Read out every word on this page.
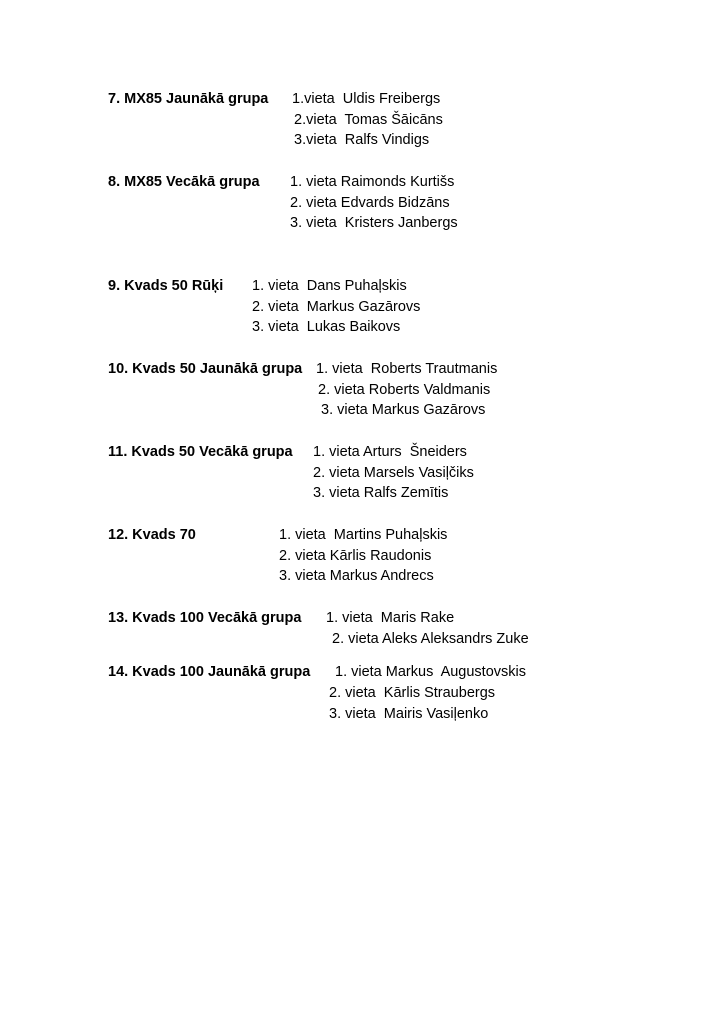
7. MX85 Jaunākā grupa 1.vieta  Uldis Freibergs
2.vieta  Tomas Šāicāns
3.vieta  Ralfs Vindigs
8. MX85 Vecākā grupa 1. vieta Raimonds Kurtišs
2. vieta Edvards Bidzāns
3. vieta  Kristers Janbergs
9. Kvads 50 Rūķi 1. vieta  Dans Puhaļskis
2. vieta  Markus Gazārovs
3. vieta  Lukas Baikovs
10. Kvads 50 Jaunākā grupa 1. vieta  Roberts Trautmanis
2. vieta Roberts Valdmanis
3. vieta Markus Gazārovs
11. Kvads 50 Vecākā grupa 1. vieta Arturs  Šneiders
2. vieta Marsels Vasiļčiks
3. vieta Ralfs Zemītis
12. Kvads 70	1. vieta  Martins Puhaļskis
2. vieta Kārlis Raudonis
3. vieta Markus Andrecs
13. Kvads 100 Vecākā grupa 1. vieta  Maris Rake
2. vieta Aleks Aleksandrs Zuke
14. Kvads 100 Jaunākā grupa 1. vieta Markus  Augustovskis
2. vieta  Kārlis Straubergs
3. vieta  Mairis Vasiļenko
